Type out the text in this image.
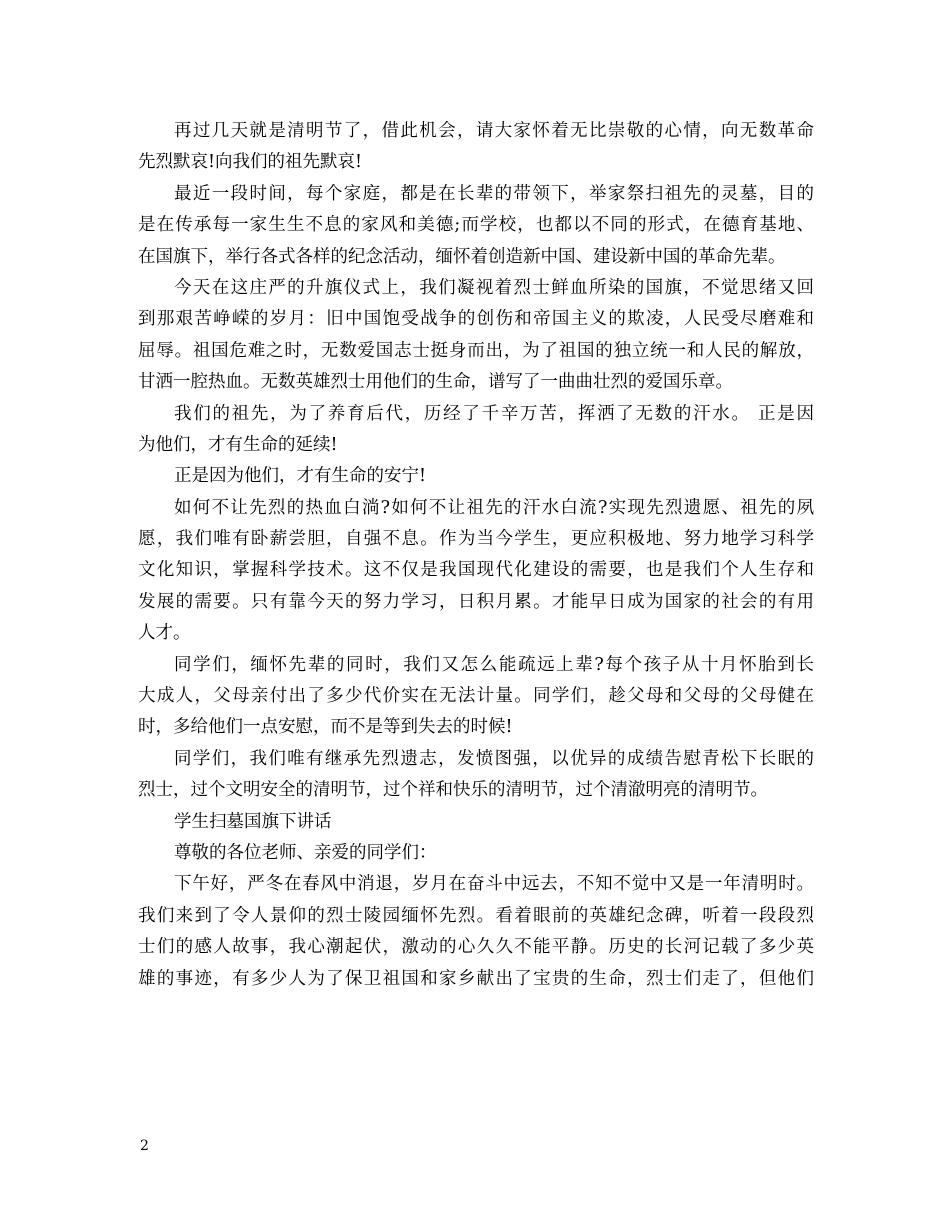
再过几天就是清明节了，借此机会，请大家怀着无比崇敬的心情，向无数革命
先烈默哀!向我们的祖先默哀!
最近一段时间，每个家庭，都是在长辈的带领下，举家祭扫祖先的灵墓，目的
是在传承每一家生生不息的家风和美德;而学校，也都以不同的形式，在德育基地、
在国旗下，举行各式各样的纪念活动，缅怀着创造新中国、建设新中国的革命先辈。
今天在这庄严的升旗仪式上，我们凝视着烈士鲜血所染的国旗，不觉思绪又回
到那艰苦峥嵘的岁月：旧中国饱受战争的创伤和帝国主义的欺凌，人民受尽磨难和
屈辱。祖国危难之时，无数爱国志士挺身而出，为了祖国的独立统一和人民的解放，
甘洒一腔热血。无数英雄烈士用他们的生命，谱写了一曲曲壮烈的爱国乐章。
我们的祖先，为了养育后代，历经了千辛万苦，挥洒了无数的汗水。 正是因
为他们，才有生命的延续!
正是因为他们，才有生命的安宁!
如何不让先烈的热血白淌?如何不让祖先的汗水白流?实现先烈遗愿、祖先的夙
愿，我们唯有卧薪尝胆，自强不息。作为当今学生，更应积极地、努力地学习科学
文化知识，掌握科学技术。这不仅是我国现代化建设的需要，也是我们个人生存和
发展的需要。只有靠今天的努力学习，日积月累。才能早日成为国家的社会的有用
人才。
同学们，缅怀先辈的同时，我们又怎么能疏远上辈?每个孩子从十月怀胎到长
大成人，父母亲付出了多少代价实在无法计量。同学们，趁父母和父母的父母健在
时，多给他们一点安慰，而不是等到失去的时候!
同学们，我们唯有继承先烈遗志，发愤图强，以优异的成绩告慰青松下长眠的
烈士，过个文明安全的清明节，过个祥和快乐的清明节，过个清澈明亮的清明节。
学生扫墓国旗下讲话
尊敬的各位老师、亲爱的同学们：
下午好，严冬在春风中消退，岁月在奋斗中远去，不知不觉中又是一年清明时。
我们来到了令人景仰的烈士陵园缅怀先烈。看着眼前的英雄纪念碑，听着一段段烈
士们的感人故事，我心潮起伏，激动的心久久不能平静。历史的长河记载了多少英
雄的事迹，有多少人为了保卫祖国和家乡献出了宝贵的生命，烈士们走了，但他们
2
